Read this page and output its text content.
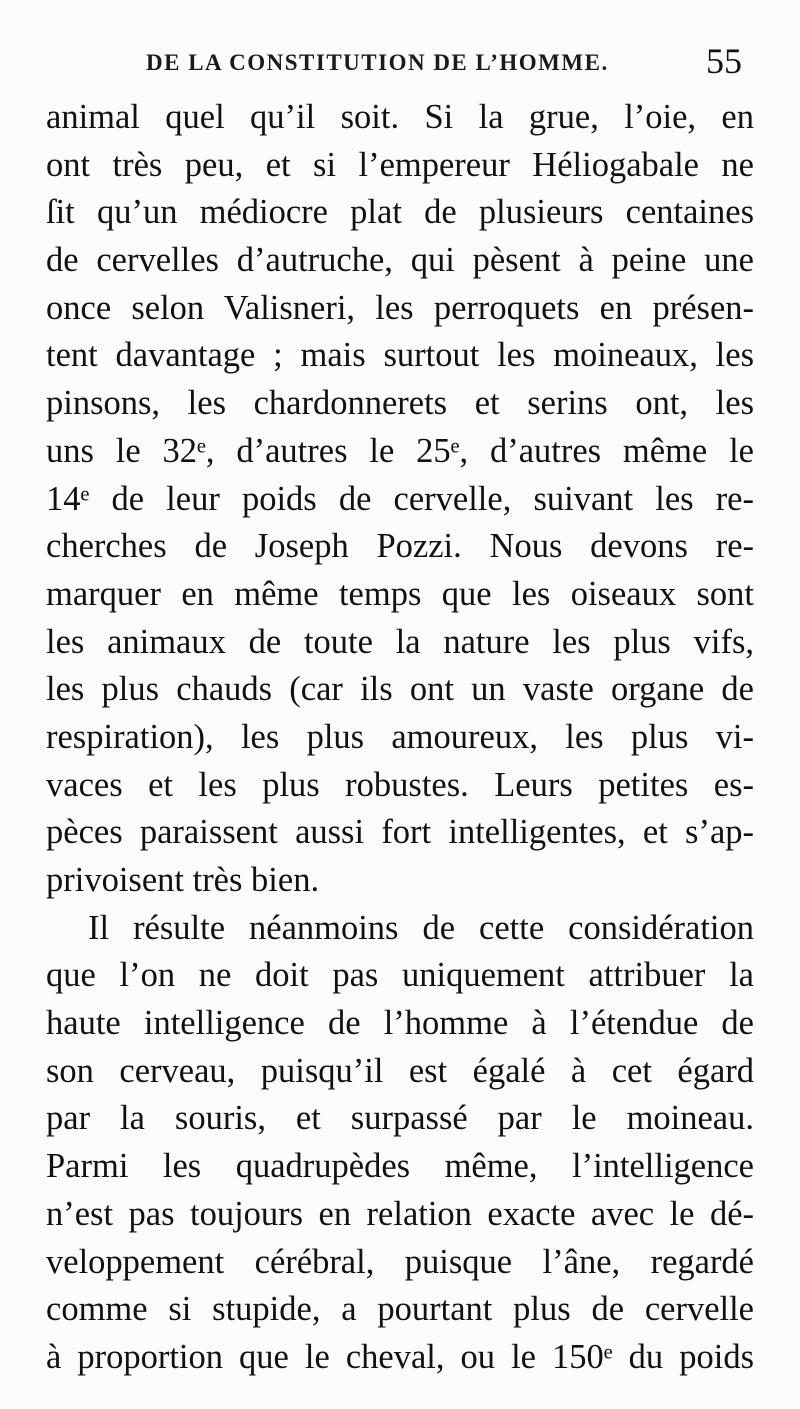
DE LA CONSTITUTION DE L’HOMME.	55
animal quel qu’il soit. Si la grue, l’oie, en
ont très peu, et si l’empereur Héliogabale ne
ſit qu’un médiocre plat de plusieurs centaines
de cervelles d’autruche, qui pèsent à peine une
once selon Valisneri, les perroquets en présen-
tent davantage ; mais surtout les moineaux, les
pinsons, les chardonnerets et serins ont, les
uns le 32ᵉ, d’autres le 25ᵉ, d’autres même le
14ᵉ de leur poids de cervelle, suivant les re-
cherches de Joseph Pozzi. Nous devons re-
marquer en même temps que les oiseaux sont
les animaux de toute la nature les plus vifs,
les plus chauds (car ils ont un vaste organe de
respiration), les plus amoureux, les plus vi-
vaces et les plus robustes. Leurs petites es-
pèces paraissent aussi fort intelligentes, et s’ap-
privoisent très bien.
Il résulte néanmoins de cette considération
que l’on ne doit pas uniquement attribuer la
haute intelligence de l’homme à l’étendue de
son cerveau, puisqu’il est égalé à cet égard
par la souris, et surpassé par le moineau.
Parmi les quadrupèdes même, l’intelligence
n’est pas toujours en relation exacte avec le dé-
veloppement cérébral, puisque l’âne, regardé
comme si stupide, a pourtant plus de cervelle
à proportion que le cheval, ou le 150ᵉ du poids
